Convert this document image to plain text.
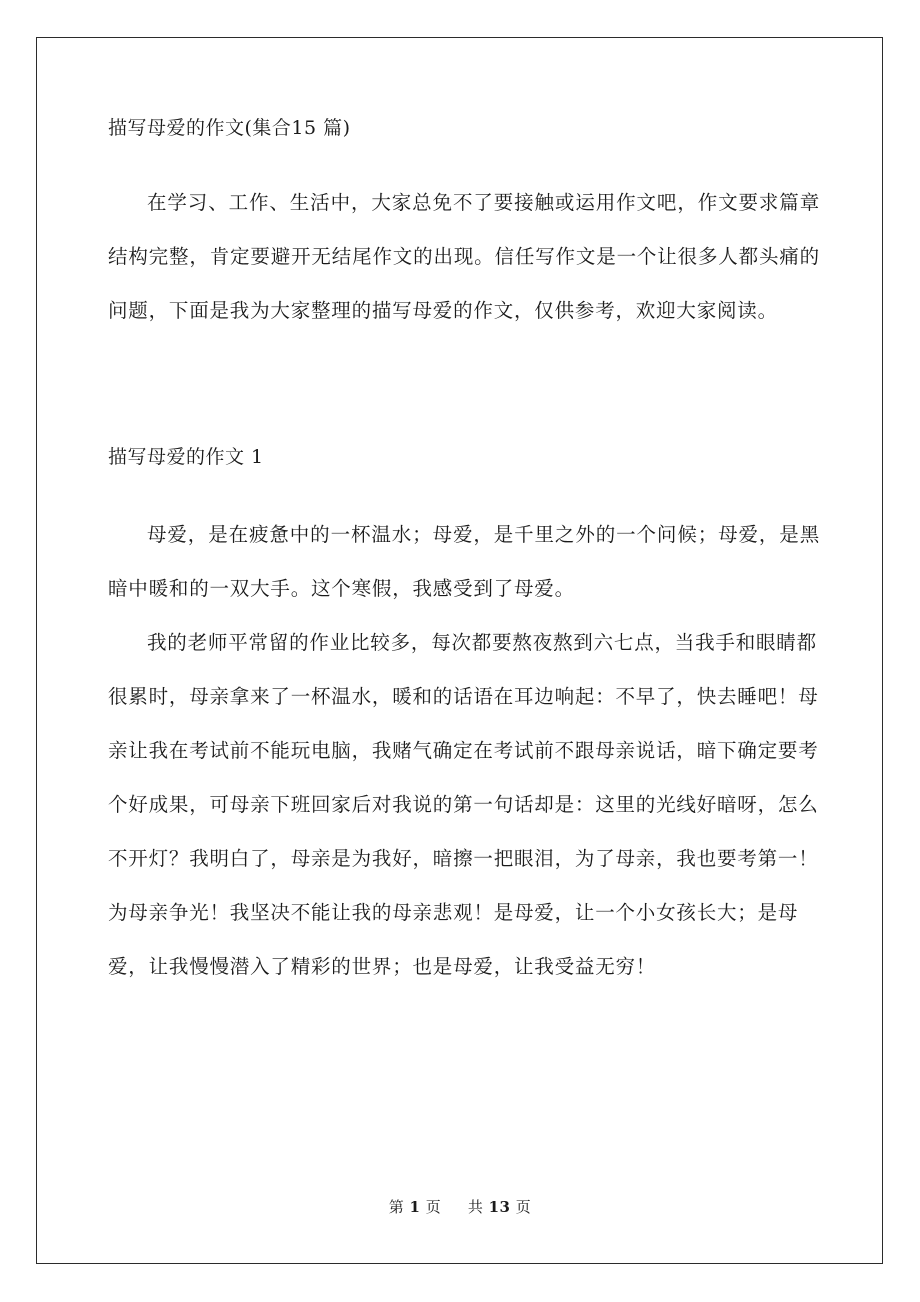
描写母爱的作文(集合15 篇)

在学习、工作、生活中，大家总免不了要接触或运用作文吧，作文要求篇章结构完整，肯定要避开无结尾作文的出现。信任写作文是一个让很多人都头痛的问题，下面是我为大家整理的描写母爱的作文，仅供参考，欢迎大家阅读。

描写母爱的作文 1

母爱，是在疲惫中的一杯温水；母爱，是千里之外的一个问候；母爱，是黑暗中暖和的一双大手。这个寒假，我感受到了母爱。

我的老师平常留的作业比较多，每次都要熬夜熬到六七点，当我手和眼睛都很累时，母亲拿来了一杯温水，暖和的话语在耳边响起：不早了，快去睡吧！母亲让我在考试前不能玩电脑，我赌气确定在考试前不跟母亲说话，暗下确定要考个好成果，可母亲下班回家后对我说的第一句话却是：这里的光线好暗呀，怎么不开灯？我明白了，母亲是为我好，暗擦一把眼泪，为了母亲，我也要考第一！为母亲争光！我坚决不能让我的母亲悲观！是母爱，让一个小女孩长大；是母爱，让我慢慢潜入了精彩的世界；也是母爱，让我受益无穷！

第 1 页 共 13 页
